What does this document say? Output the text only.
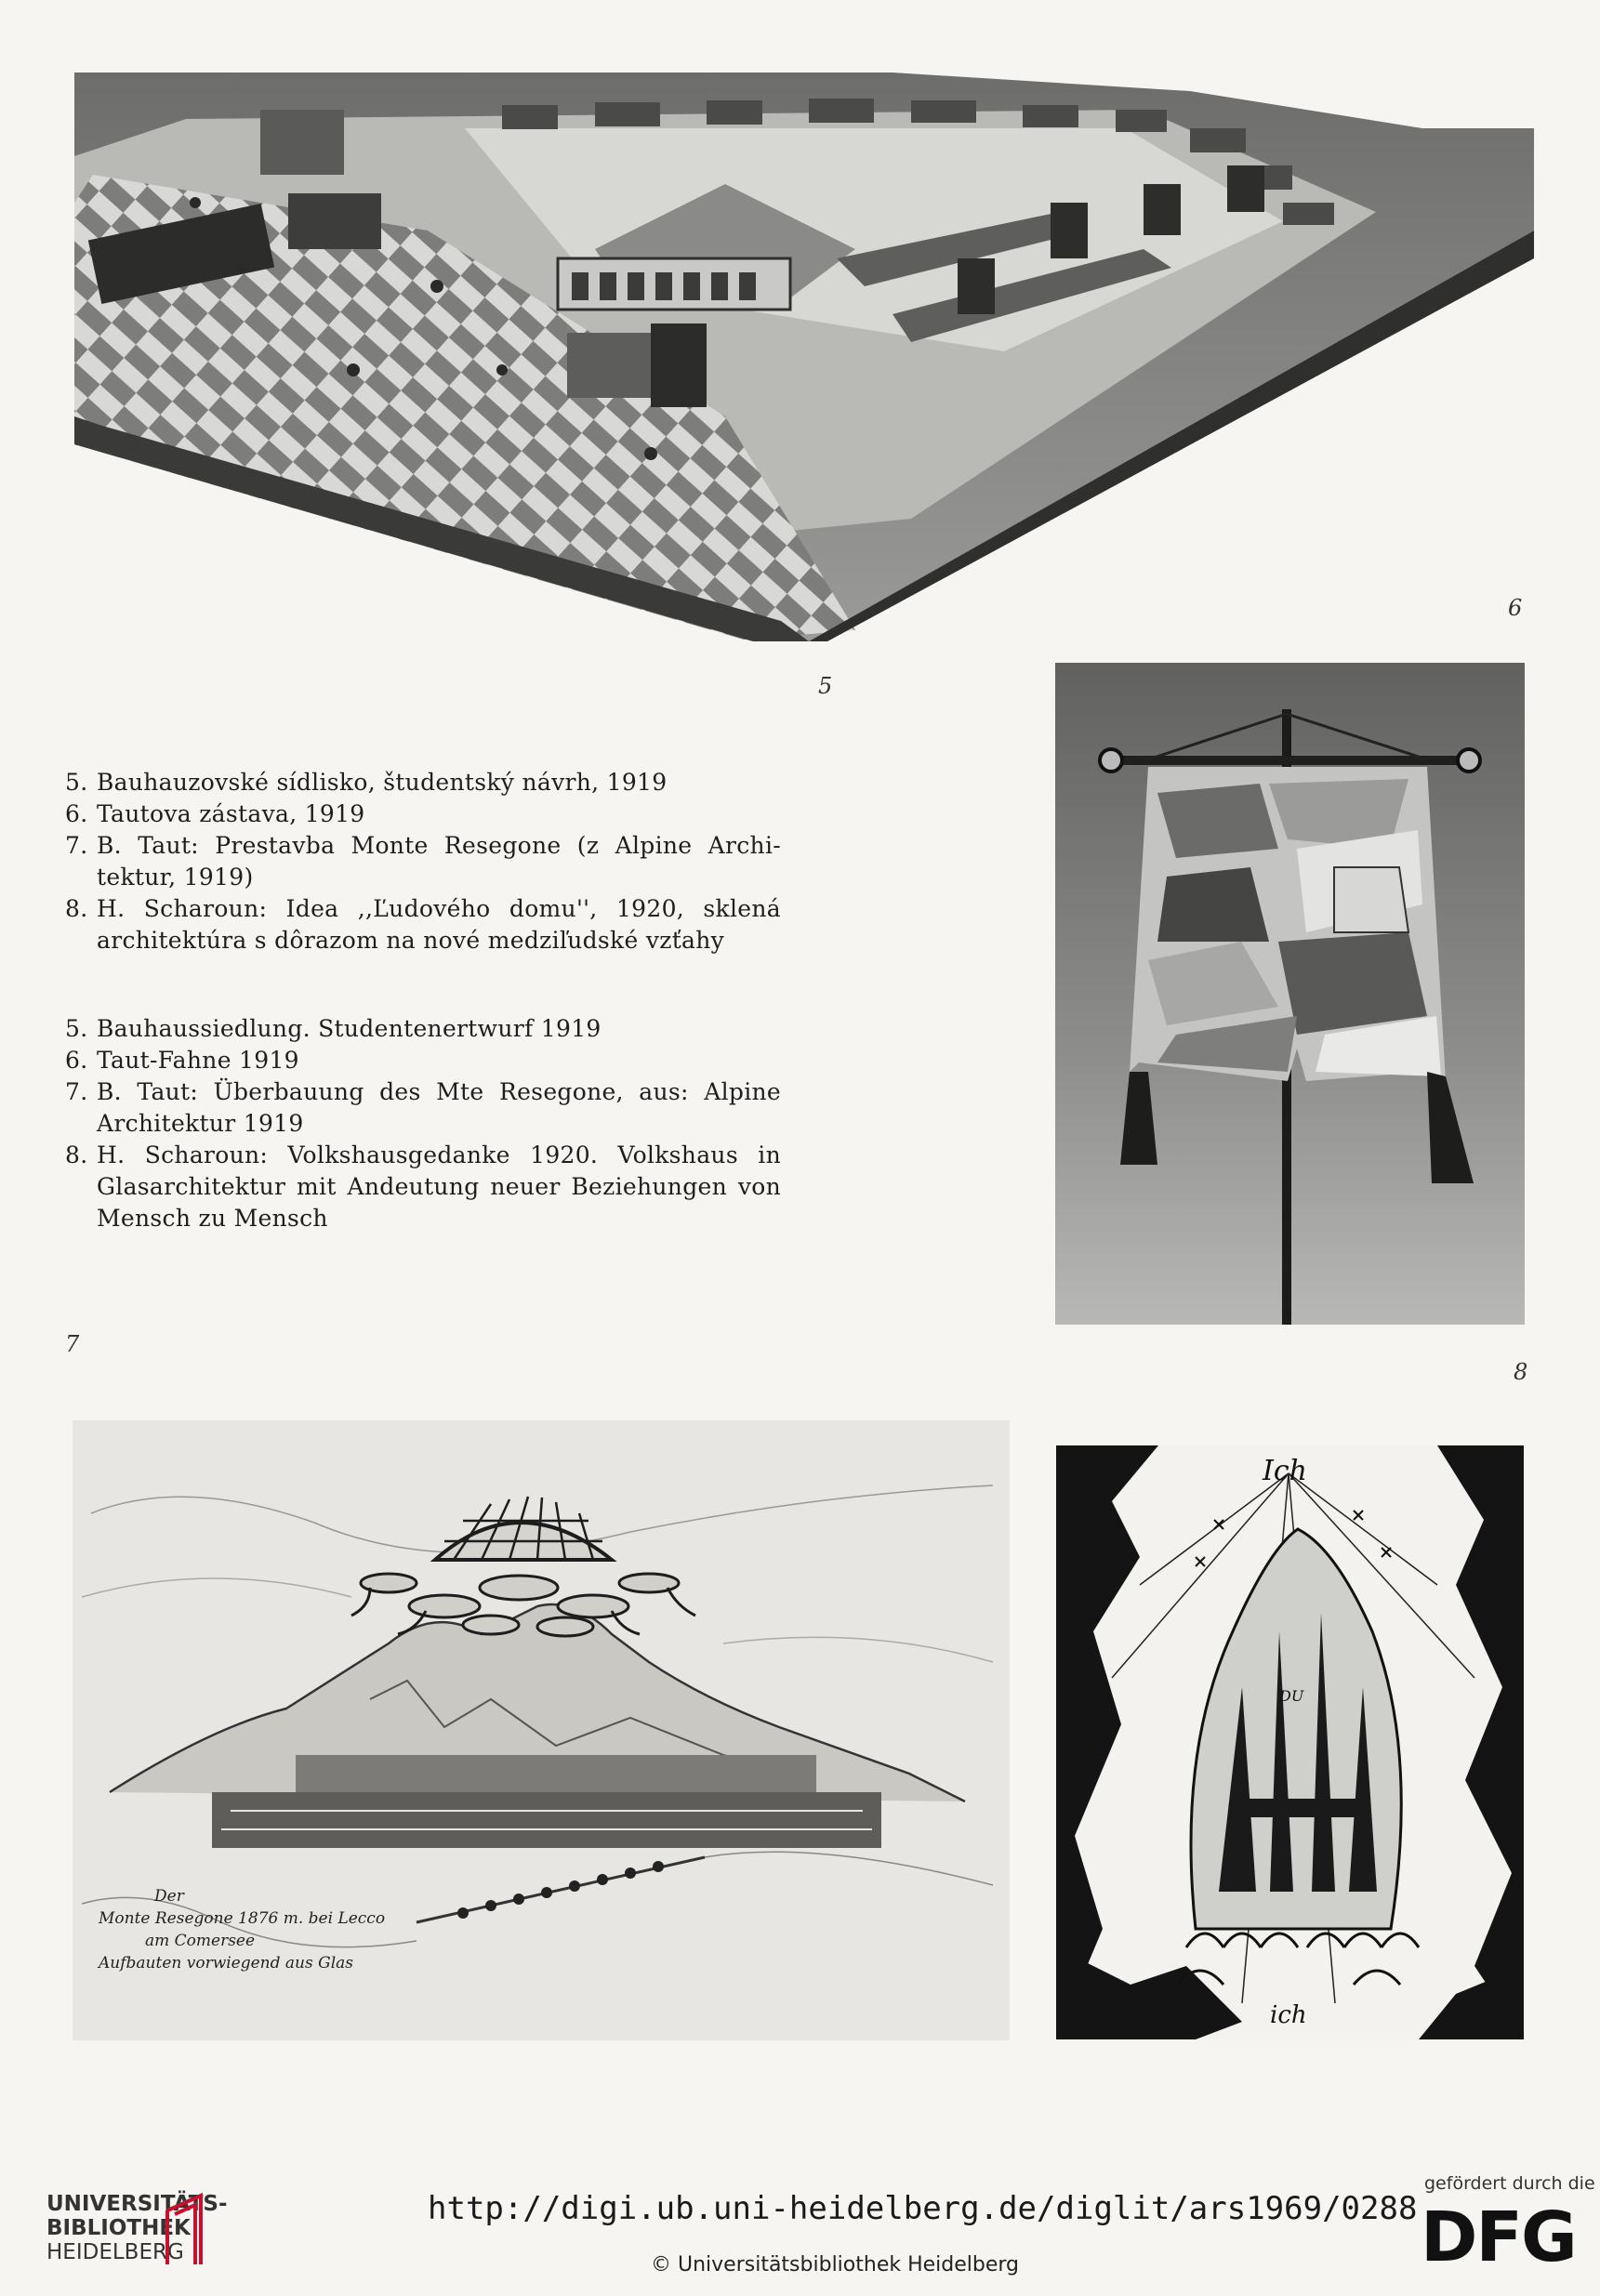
6
5
5. Bauhauzovské sídlisko, študentský návrh, 1919
6. Tautova zástava, 1919
7. B. Taut: Prestavba Monte Resegone (z Alpine Archi-tektur, 1919)
8. H. Scharoun: Idea ,,Ľudového domu'', 1920, sklená architektúra s dôrazom na nové medziľudské vzťahy
5. Bauhaussiedlung. Studentenertwurf 1919
6. Taut-Fahne 1919
7. B. Taut: Überbauung des Mte Resegone, aus: Alpine Architektur 1919
8. H. Scharoun: Volkshausgedanke 1920. Volkshaus in Glasarchitektur mit Andeutung neuer Beziehungen von Mensch zu Mensch
7
8
Der
Monte Resegone 1876 m. bei Lecco
am Comersee
Aufbauten vorwiegend aus Glas
Ich
DU
ich
UNIVERSITÄTS-
BIBLIOTHEK
HEIDELBERG
http://digi.ub.uni-heidelberg.de/diglit/ars1969/0288
© Universitätsbibliothek Heidelberg
gefördert durch die
DFG
